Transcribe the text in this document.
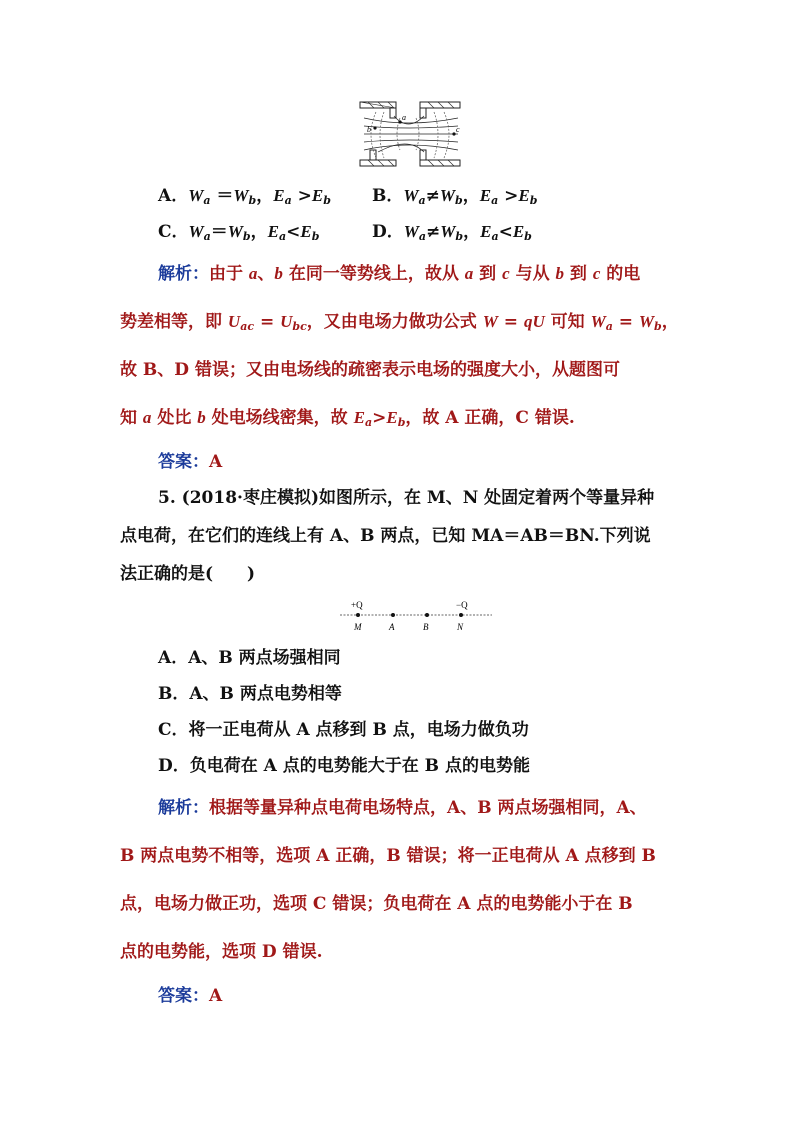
a
b	c
A．$W_a =W_b$，$E_a >E_b$ B．$W_a\ne W_b$，$E_a >E_b$
C．$W_a=W_b$，$E_a<E_b$	D．$W_a\ne W_b$，$E_a<E_b$
解析：由于 a、b 在同一等势线上，故从 a 到 c 与从 b 到 c 的电
势差相等，即 $U_{ac} = U_{bc}$，又由电场力做功公式 W = qU 可知 $W_a = W_b$，
故 B、D 错误；又由电场线的疏密表示电场的强度大小，从题图可
知 a 处比 b 处电场线密集，故 $E_a>E_b$，故 A 正确，C 错误.
答案：A
5. (2018·枣庄模拟)如图所示，在 M、N 处固定着两个等量异种
点电荷，在它们的连线上有 A、B 两点，已知 MA＝AB＝BN.下列说
法正确的是(　　)
+Q	−Q
M	A	B	N
A．A、B 两点场强相同
B．A、B 两点电势相等
C．将一正电荷从 A 点移到 B 点，电场力做负功
D．负电荷在 A 点的电势能大于在 B 点的电势能
解析：根据等量异种点电荷电场特点，A、B 两点场强相同，A、
B 两点电势不相等，选项 A 正确，B 错误；将一正电荷从 A 点移到 B
点，电场力做正功，选项 C 错误；负电荷在 A 点的电势能小于在 B
点的电势能，选项 D 错误.
答案：A
